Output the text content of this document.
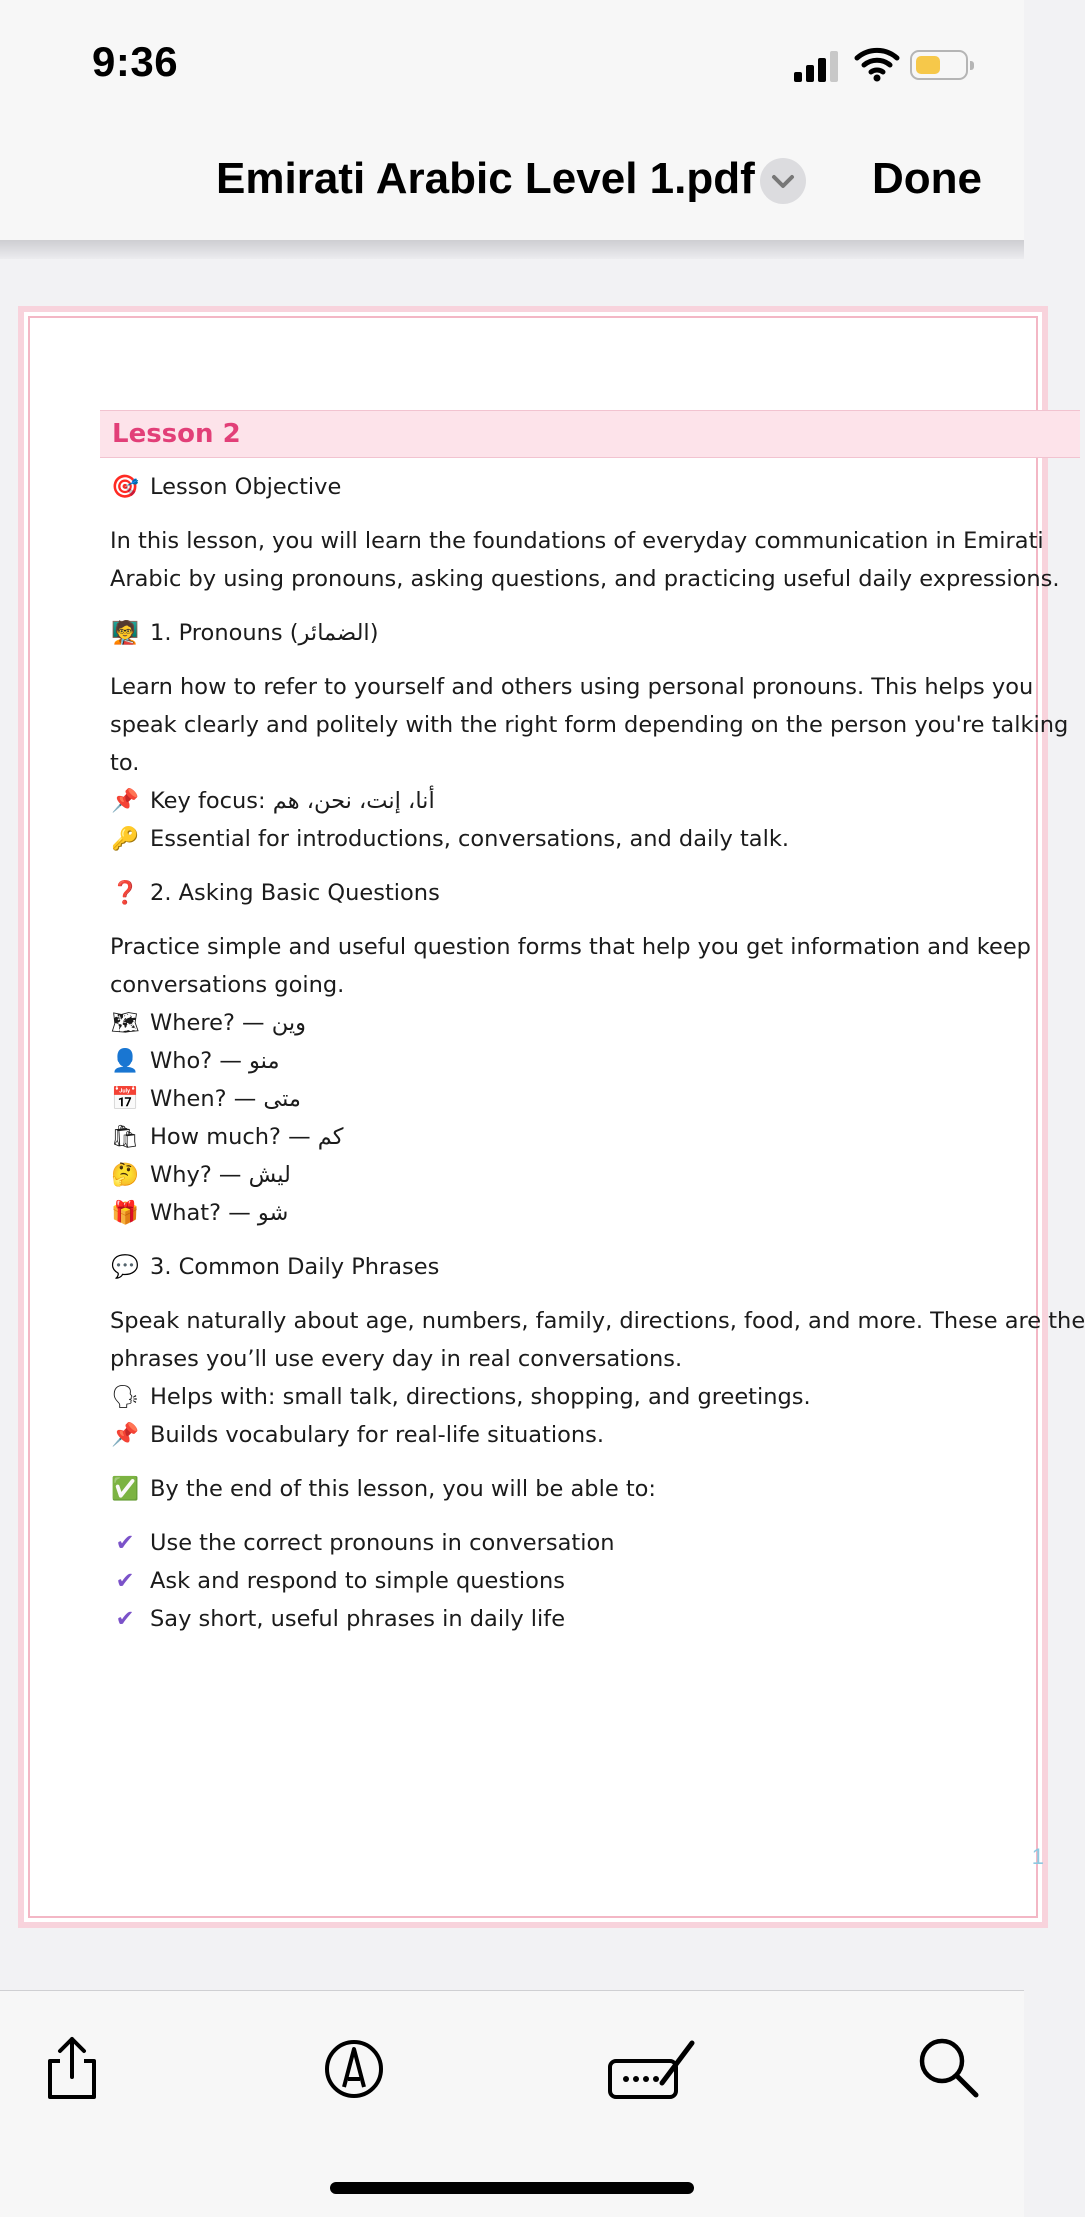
9:36
Emirati Arabic Level 1.pdf	Done
Lesson 2
🎯 Lesson Objective
In this lesson, you will learn the foundations of everyday communication in Emirati
Arabic by using pronouns, asking questions, and practicing useful daily expressions.
🧑‍🏫 1. Pronouns (الضمائر)
Learn how to refer to yourself and others using personal pronouns. This helps you
speak clearly and politely with the right form depending on the person you're talking
to.
📌 Key focus: أنا، إنت، نحن، هم
🔑 Essential for introductions, conversations, and daily talk.
❓ 2. Asking Basic Questions
Practice simple and useful question forms that help you get information and keep
conversations going.
🗺 Where? — وين
👤 Who? — منو
📅 When? — متى
🛍 How much? — كم
🤔 Why? — ليش
🎁 What? — شو
💬 3. Common Daily Phrases
Speak naturally about age, numbers, family, directions, food, and more. These are the
phrases you’ll use every day in real conversations.
🗣 Helps with: small talk, directions, shopping, and greetings.
📌 Builds vocabulary for real-life situations.
✅ By the end of this lesson, you will be able to:
✔ Use the correct pronouns in conversation
✔ Ask and respond to simple questions
✔ Say short, useful phrases in daily life
1
